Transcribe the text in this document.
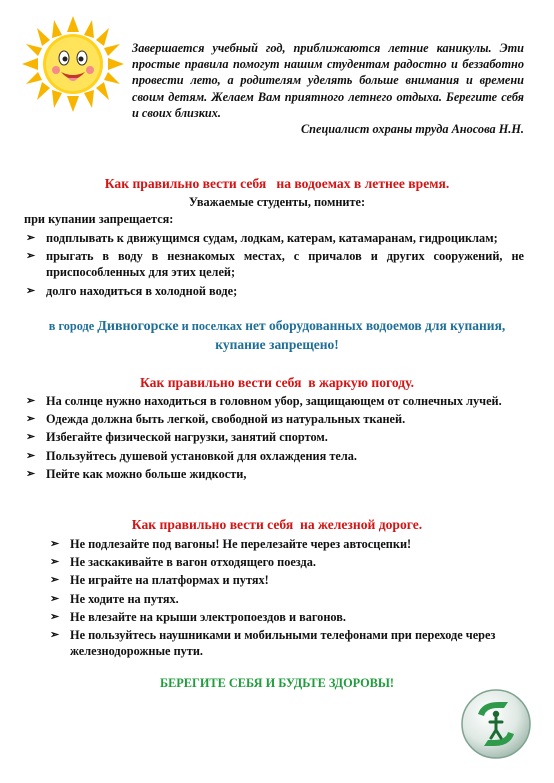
Завершается учебный год, приближаются летние каникулы. Эти простые правила помогут нашим студентам радостно и беззаботно провести лето, а родителям уделять больше внимания и времени своим детям. Желаем Вам приятного летнего отдыха. Берегите себя и своих близких.
Специалист охраны труда Аносова Н.Н.
Как правильно вести себя   на водоемах в летнее время.
Уважаемые студенты, помните:
при купании запрещается:
➢ подплывать к движущимся судам, лодкам, катерам, катамаранам, гидроциклам;
➢ прыгать в воду в незнакомых местах, с причалов и других сооружений, не приспособленных для этих целей;
➢ долго находиться в холодной воде;
в городе Дивногорске и поселках нет оборудованных водоемов для купания,
купание запрещено!
Как правильно вести себя  в жаркую погоду.
➢ На солнце нужно находиться в головном убор, защищающем от солнечных лучей.
➢ Одежда должна быть легкой, свободной из натуральных тканей.
➢ Избегайте физической нагрузки, занятий спортом.
➢ Пользуйтесь душевой установкой для охлаждения тела.
➢ Пейте как можно больше жидкости,
Как правильно вести себя  на железной дороге.
➢ Не подлезайте под вагоны! Не перелезайте через автосцепки!
➢ Не заскакивайте в вагон отходящего поезда.
➢ Не играйте на платформах и путях!
➢ Не ходите на путях.
➢ Не влезайте на крыши электропоездов и вагонов.
➢ Не пользуйтесь наушниками и мобильными телефонами при переходе через железнодорожные пути.
БЕРЕГИТЕ СЕБЯ И БУДЬТЕ ЗДОРОВЫ!
